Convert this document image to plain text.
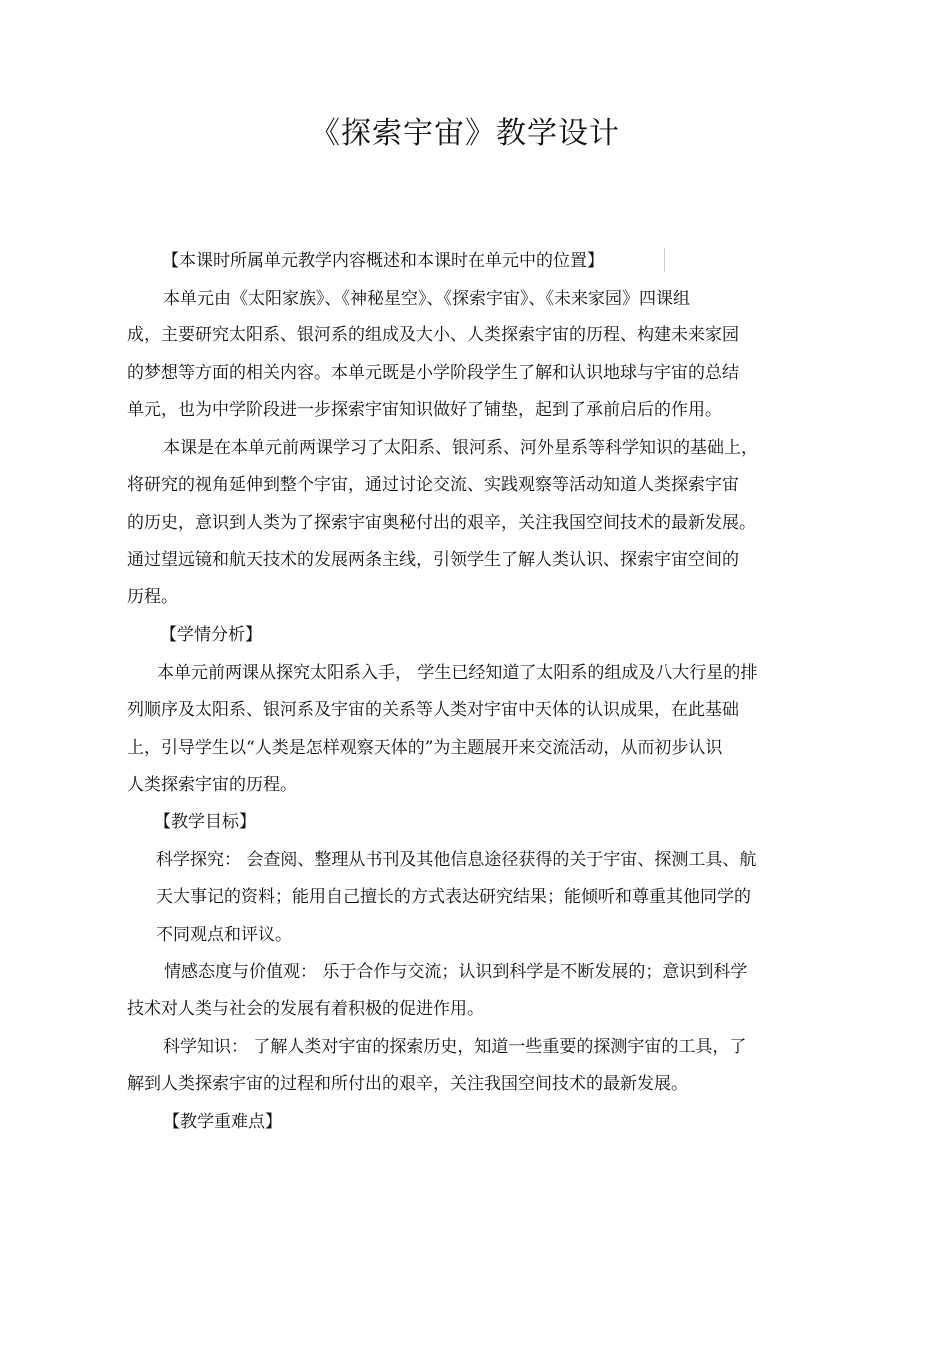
《探索宇宙》教学设计

【本课时所属单元教学内容概述和本课时在单元中的位置】

本单元由《太阳家族》、《神秘星空》、《探索宇宙》、《未来家园》四课组

成，主要研究太阳系、银河系的组成及大小、人类探索宇宙的历程、构建未来家园

的梦想等方面的相关内容。本单元既是小学阶段学生了解和认识地球与宇宙的总结

单元，也为中学阶段进一步探索宇宙知识做好了铺垫，起到了承前启后的作用。

本课是在本单元前两课学习了太阳系、银河系、河外星系等科学知识的基础上，

将研究的视角延伸到整个宇宙，通过讨论交流、实践观察等活动知道人类探索宇宙

的历史，意识到人类为了探索宇宙奥秘付出的艰辛，关注我国空间技术的最新发展。

通过望远镜和航天技术的发展两条主线，引领学生了解人类认识、探索宇宙空间的

历程。

【学情分析】

本单元前两课从探究太阳系入手， 学生已经知道了太阳系的组成及八大行星的排

列顺序及太阳系、银河系及宇宙的关系等人类对宇宙中天体的认识成果，在此基础

上，引导学生以“人类是怎样观察天体的”为主题展开来交流活动，从而初步认识

人类探索宇宙的历程。

【教学目标】

科学探究： 会查阅、整理从书刊及其他信息途径获得的关于宇宙、探测工具、航

天大事记的资料；能用自己擅长的方式表达研究结果；能倾听和尊重其他同学的

不同观点和评议。

情感态度与价值观： 乐于合作与交流；认识到科学是不断发展的；意识到科学

技术对人类与社会的发展有着积极的促进作用。

科学知识： 了解人类对宇宙的探索历史，知道一些重要的探测宇宙的工具，了

解到人类探索宇宙的过程和所付出的艰辛，关注我国空间技术的最新发展。

【教学重难点】
